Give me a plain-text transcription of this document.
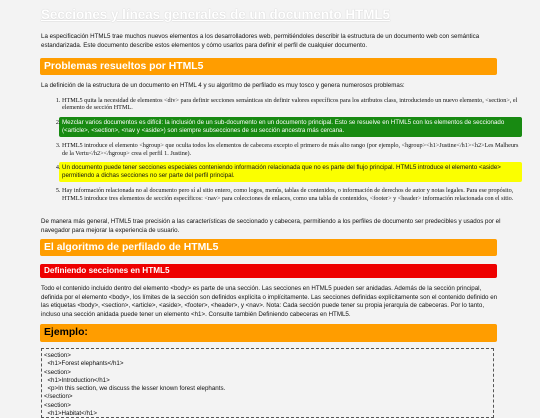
Secciones y líneas generales de un documento HTML5

La especificación HTML5 trae muchos nuevos elementos a los desarrolladores web, permitiéndoles describir la estructura de un documento web con semántica estandarizada. Este documento describe estos elementos y cómo usarlos para definir el perfil de cualquier documento.

Problemas resueltos por HTML5

La definición de la estructura de un documento en HTML 4 y su algoritmo de perfilado es muy tosco y genera numerosos problemas:

1. HTML5 quita la necesidad de elementos <div> para definir secciones semánticas sin definir valores específicos para los atributos class, introduciendo un nuevo elemento, <section>, el elemento de sección HTML.

2. Mezclar varios documentos es difícil: la inclusión de un sub-documento en un documento principal. Esto se resuelve en HTML5 con los elementos de seccionado (<article>, <section>, <nav y <aside>) son siempre subsecciones de su sección ancestra más cercana.

3. HTML5 introduce el elemento <hgroup> que oculta todos los elementos de cabecera excepto el primero de más alto rango (por ejemplo, <hgroup><h1>Justine</h1><h2>Les Malheurs de la Vertu</h2></hgroup> crea el perfil 1. Justine).

4. Un documento puede tener secciones especiales conteniendo información relacionada que no es parte del flujo principal. HTML5 introduce el elemento <aside> permitiendo a dichas secciones no ser parte del perfil principal.

5. Hay información relacionada no al documento pero sí al sitio entero, como logos, menús, tablas de contenidos, o información de derechos de autor y notas legales. Para ese propósito, HTML5 introduce tres elementos de sección específicos: <nav> para colecciones de enlaces, como una tabla de contenidos, <footer> y <header> información relacionada con el sitio.

De manera más general, HTML5 trae precisión a las características de seccionado y cabecera, permitiendo a los perfiles de documento ser predecibles y usados por el navegador para mejorar la experiencia de usuario.

El algoritmo de perfilado de HTML5
Definiendo secciones en HTML5

Todo el contenido incluido dentro del elemento <body> es parte de una sección. Las secciones en HTML5 pueden ser anidadas. Además de la sección principal, definida por el elemento <body>, los límites de la sección son definidos explícita o implícitamente. Las secciones definidas explícitamente son el contenido definido en las etiquetas <body>, <section>, <article>, <aside>, <footer>, <header>, y <nav>. Nota: Cada sección puede tener su propia jerarquía de cabeceras. Por lo tanto, incluso una sección anidada puede tener un elemento <h1>. Consulte también Definiendo cabeceras en HTML5.

Ejemplo:
<section>
<h1>Forest elephants</h1>
<section>
<h1>Introduction</h1>
<p>In this section, we discuss the lesser known forest elephants.
</section>
<section>
<h1>Habitat</h1>
